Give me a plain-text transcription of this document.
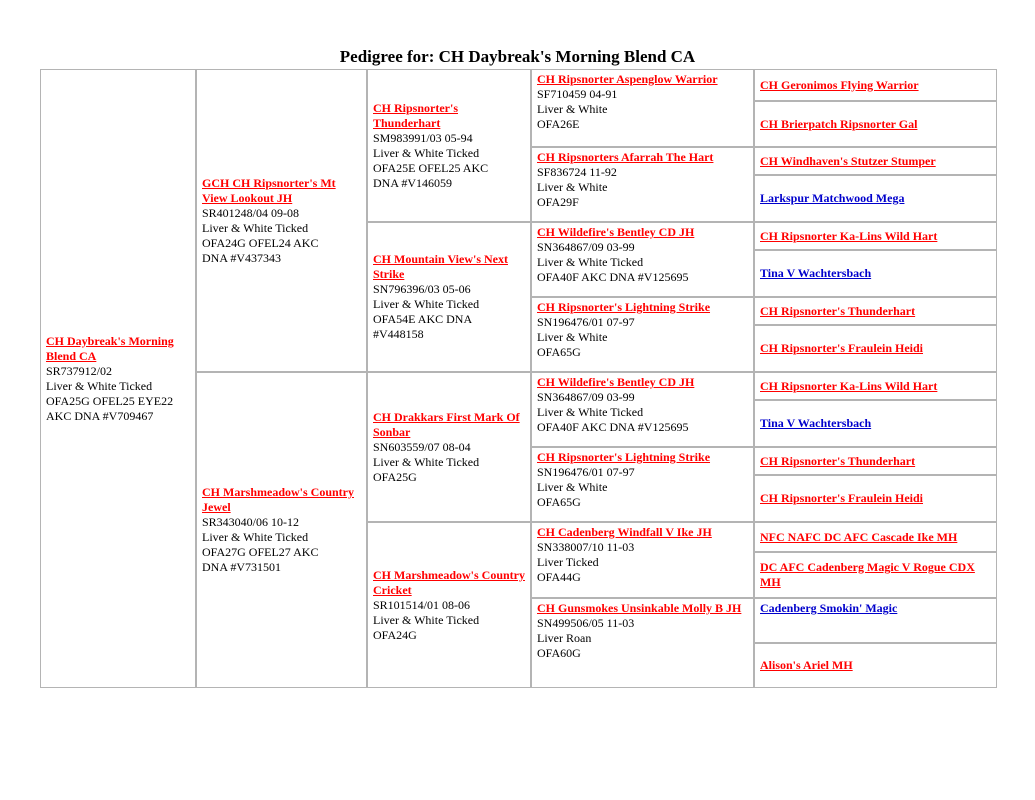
Pedigree for: CH Daybreak's Morning Blend CA
CH Daybreak's Morning Blend CA
SR737912/02
Liver & White Ticked
OFA25G OFEL25 EYE22
AKC DNA #V709467
GCH CH Ripsnorter's Mt View Lookout JH
SR401248/04 09-08
Liver & White Ticked
OFA24G OFEL24 AKC
DNA #V437343
CH Marshmeadow's Country Jewel
SR343040/06 10-12
Liver & White Ticked
OFA27G OFEL27 AKC
DNA #V731501
CH Ripsnorter's Thunderhart
SM983991/03 05-94
Liver & White Ticked
OFA25E OFEL25 AKC
DNA #V146059
CH Mountain View's Next Strike
SN796396/03 05-06
Liver & White Ticked
OFA54E AKC DNA
#V448158
CH Drakkars First Mark Of Sonbar
SN603559/07 08-04
Liver & White Ticked
OFA25G
CH Marshmeadow's Country Cricket
SR101514/01 08-06
Liver & White Ticked
OFA24G
CH Ripsnorter Aspenglow Warrior
SF710459 04-91
Liver & White
OFA26E
CH Ripsnorters Afarrah The Hart
SF836724 11-92
Liver & White
OFA29F
CH Wildefire's Bentley CD JH
SN364867/09 03-99
Liver & White Ticked
OFA40F AKC DNA #V125695
CH Ripsnorter's Lightning Strike
SN196476/01 07-97
Liver & White
OFA65G
CH Wildefire's Bentley CD JH
SN364867/09 03-99
Liver & White Ticked
OFA40F AKC DNA #V125695
CH Ripsnorter's Lightning Strike
SN196476/01 07-97
Liver & White
OFA65G
CH Cadenberg Windfall V Ike JH
SN338007/10 11-03
Liver Ticked
OFA44G
CH Gunsmokes Unsinkable Molly B JH
SN499506/05 11-03
Liver Roan
OFA60G
CH Geronimos Flying Warrior
CH Brierpatch Ripsnorter Gal
CH Windhaven's Stutzer Stumper
Larkspur Matchwood Mega
CH Ripsnorter Ka-Lins Wild Hart
Tina V Wachtersbach
CH Ripsnorter's Thunderhart
CH Ripsnorter's Fraulein Heidi
CH Ripsnorter Ka-Lins Wild Hart
Tina V Wachtersbach
CH Ripsnorter's Thunderhart
CH Ripsnorter's Fraulein Heidi
NFC NAFC DC AFC Cascade Ike MH
DC AFC Cadenberg Magic V Rogue CDX MH
Cadenberg Smokin' Magic
Alison's Ariel MH
